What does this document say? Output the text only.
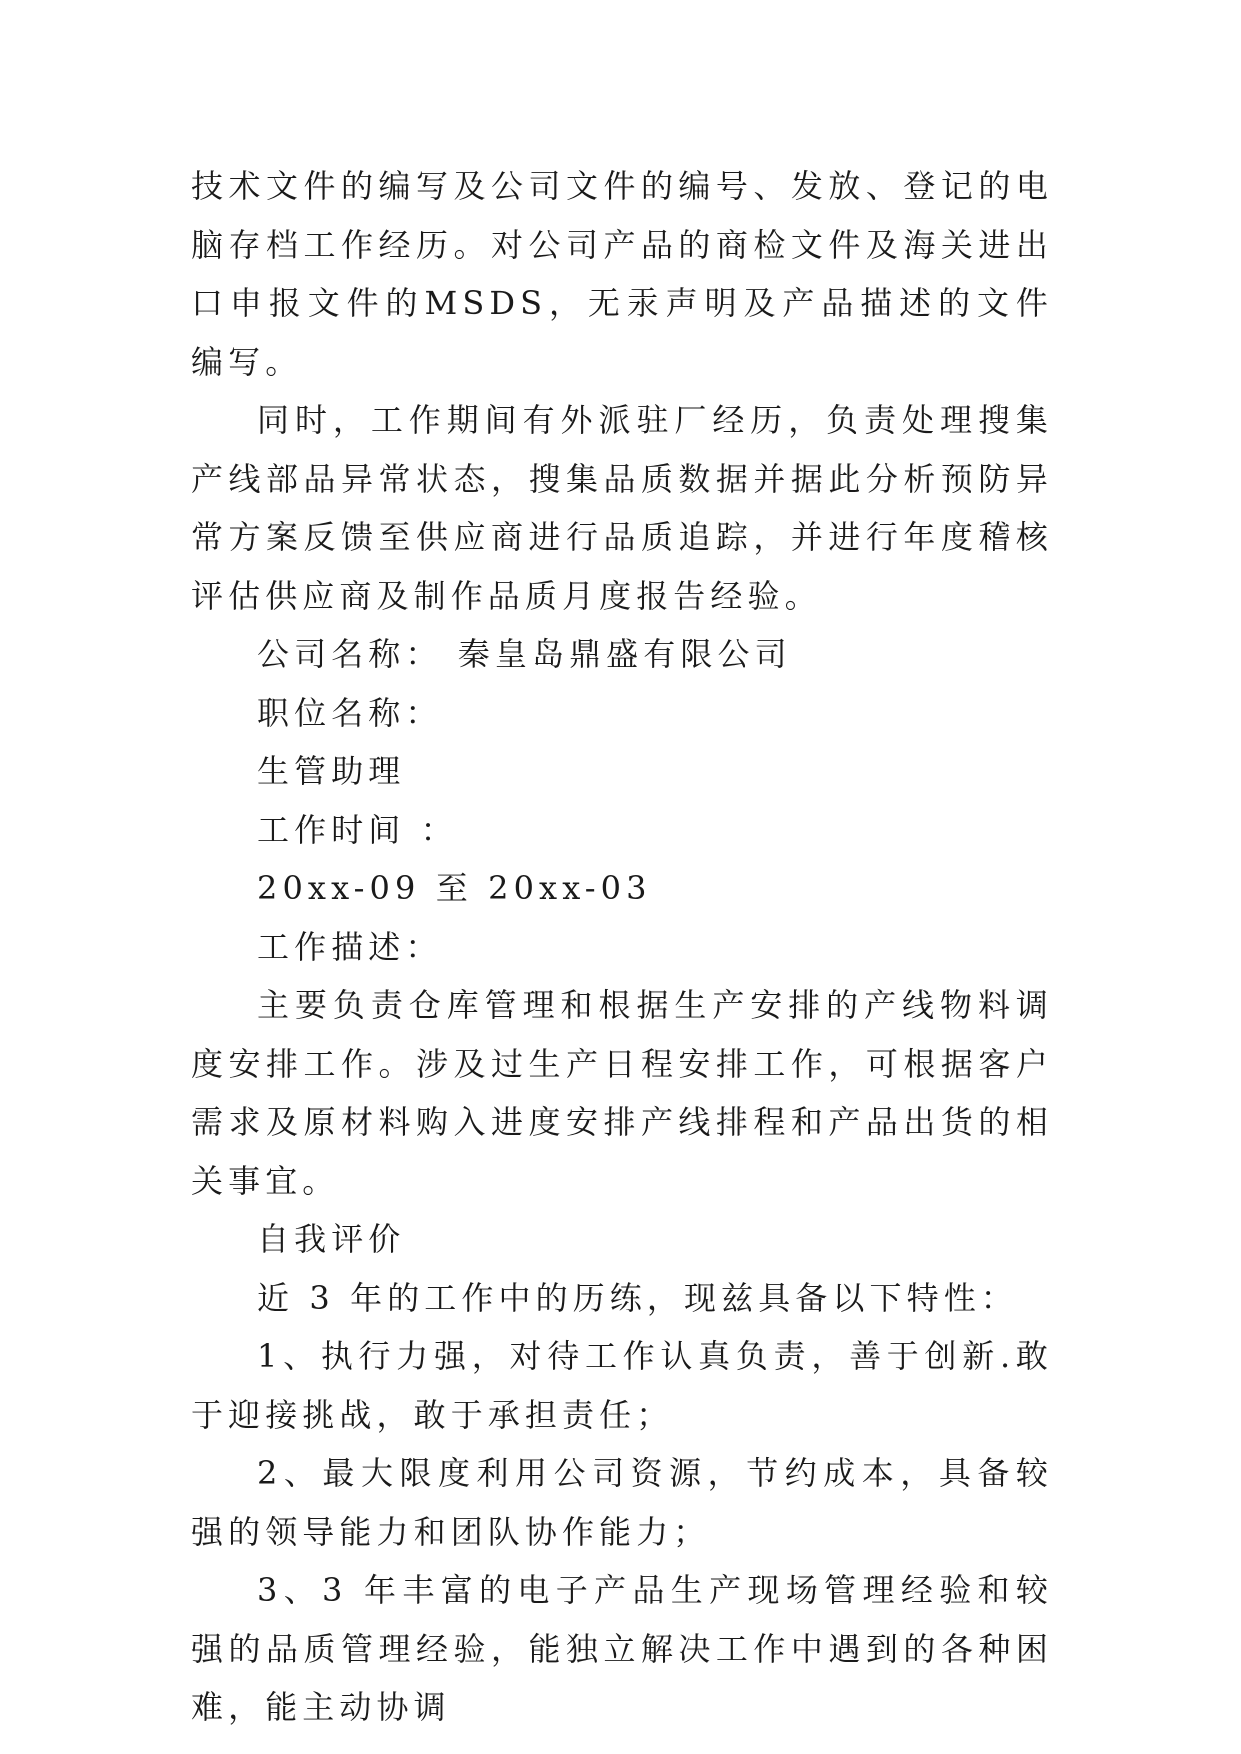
技术文件的编写及公司文件的编号、发放、登记的电脑存档工作经历。对公司产品的商检文件及海关进出口申报文件的MSDS，无汞声明及产品描述的文件编写。

同时，工作期间有外派驻厂经历，负责处理搜集产线部品异常状态，搜集品质数据并据此分析预防异常方案反馈至供应商进行品质追踪，并进行年度稽核评估供应商及制作品质月度报告经验。

公司名称： 秦皇岛鼎盛有限公司

职位名称：

生管助理

工作时间 ：

20xx-09 至 20xx-03

工作描述：

主要负责仓库管理和根据生产安排的产线物料调度安排工作。涉及过生产日程安排工作，可根据客户需求及原材料购入进度安排产线排程和产品出货的相关事宜。

自我评价

近 3 年的工作中的历练，现兹具备以下特性：

1、执行力强，对待工作认真负责，善于创新.敢于迎接挑战，敢于承担责任；

2、最大限度利用公司资源，节约成本，具备较强的领导能力和团队协作能力；

3、3 年丰富的电子产品生产现场管理经验和较强的品质管理经验，能独立解决工作中遇到的各种困难，能主动协调
